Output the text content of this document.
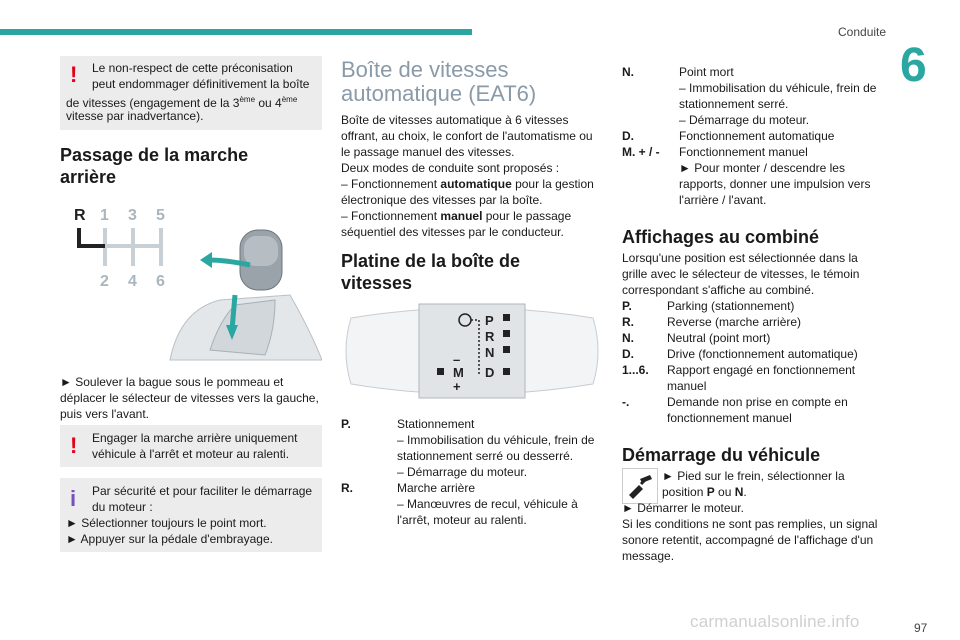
Conduite
6
97
carmanualsonline.info
! Le non-respect de cette préconisation
peut endommager définitivement la boîte
de vitesses (engagement de la 3ème ou 4ème
vitesse par inadvertance).
Passage de la marche
arrière
R 1 3 5
2 4 6
► Soulever la bague sous le pommeau et
déplacer le sélecteur de vitesses vers la gauche,
puis vers l'avant.
! Engager la marche arrière uniquement
véhicule à l'arrêt et moteur au ralenti.
i Par sécurité et pour faciliter le démarrage
du moteur :
► Sélectionner toujours le point mort.
► Appuyer sur la pédale d'embrayage.
Boîte de vitesses
automatique (EAT6)
Boîte de vitesses automatique à 6 vitesses
offrant, au choix, le confort de l'automatisme ou
le passage manuel des vitesses.
Deux modes de conduite sont proposés :
– Fonctionnement automatique pour la gestion
électronique des vitesses par la boîte.
– Fonctionnement manuel pour le passage
séquentiel des vitesses par le conducteur.
Platine de la boîte de
vitesses
P
R
N
D
M
–
+
P.	Stationnement
– Immobilisation du véhicule, frein de
stationnement serré ou desserré.
– Démarrage du moteur.
R.	Marche arrière
– Manœuvres de recul, véhicule à
l'arrêt, moteur au ralenti.
N.	Point mort
– Immobilisation du véhicule, frein de
stationnement serré.
– Démarrage du moteur.
D.	Fonctionnement automatique
M. + / -	Fonctionnement manuel
► Pour monter / descendre les
rapports, donner une impulsion vers
l'arrière / l'avant.
Affichages au combiné
Lorsqu'une position est sélectionnée dans la
grille avec le sélecteur de vitesses, le témoin
correspondant s'affiche au combiné.
P.	Parking (stationnement)
R.	Reverse (marche arrière)
N.	Neutral (point mort)
D.	Drive (fonctionnement automatique)
1...6.	Rapport engagé en fonctionnement
manuel
-.	Demande non prise en compte en
fonctionnement manuel
Démarrage du véhicule
► Pied sur le frein, sélectionner la
position P ou N.
► Démarrer le moteur.
Si les conditions ne sont pas remplies, un signal
sonore retentit, accompagné de l'affichage d'un
message.
